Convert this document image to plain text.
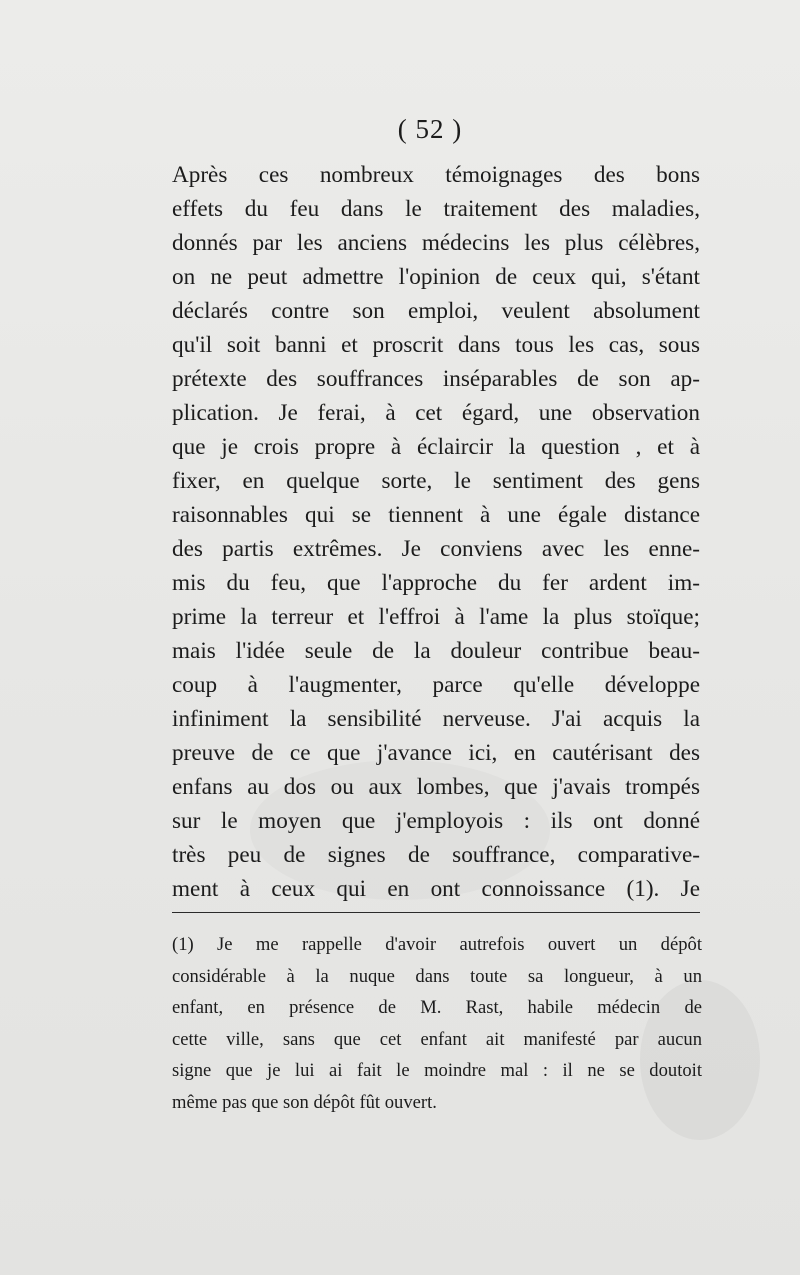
( 52 )
Après ces nombreux témoignages des bons
effets du feu dans le traitement des maladies,
donnés par les anciens médecins les plus célèbres,
on ne peut admettre l'opinion de ceux qui, s'étant
déclarés contre son emploi, veulent absolument
qu'il soit banni et proscrit dans tous les cas, sous
prétexte des souffrances inséparables de son ap-
plication. Je ferai, à cet égard, une observation
que je crois propre à éclaircir la question , et à
fixer, en quelque sorte, le sentiment des gens
raisonnables qui se tiennent à une égale distance
des partis extrêmes. Je conviens avec les enne-
mis du feu, que l'approche du fer ardent im-
prime la terreur et l'effroi à l'ame la plus stoïque;
mais l'idée seule de la douleur contribue beau-
coup à l'augmenter, parce qu'elle développe
infiniment la sensibilité nerveuse. J'ai acquis la
preuve de ce que j'avance ici, en cautérisant des
enfans au dos ou aux lombes, que j'avais trompés
sur le moyen que j'employois : ils ont donné
très peu de signes de souffrance, comparative-
ment à ceux qui en ont connoissance (1). Je
(1) Je me rappelle d'avoir autrefois ouvert un dépôt
considérable à la nuque dans toute sa longueur, à un
enfant, en présence de M. Rast, habile médecin de
cette ville, sans que cet enfant ait manifesté par aucun
signe que je lui ai fait le moindre mal : il ne se doutoit
même pas que son dépôt fût ouvert.
